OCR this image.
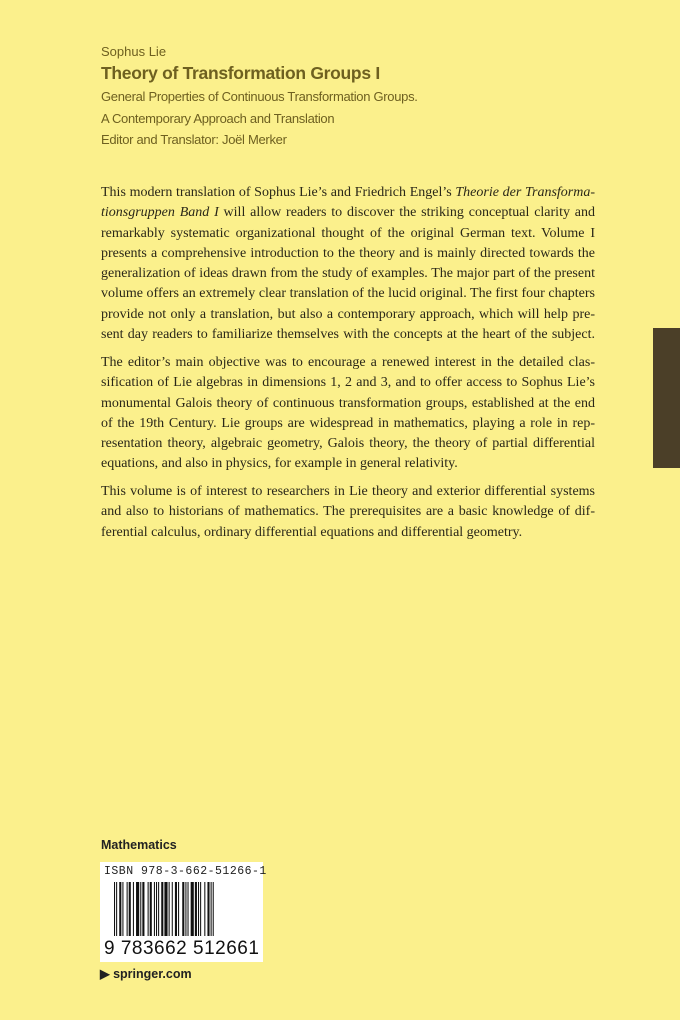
Sophus Lie
Theory of Transformation Groups I
General Properties of Continuous Transformation Groups.
A Contemporary Approach and Translation
Editor and Translator: Joël Merker
This modern translation of Sophus Lie’s and Friedrich Engel’s Theorie der Transforma-
tionsgruppen Band I will allow readers to discover the striking conceptual clarity and
remarkably systematic organizational thought of the original German text. Volume I
presents a comprehensive introduction to the theory and is mainly directed towards the
generalization of ideas drawn from the study of examples. The major part of the present
volume offers an extremely clear translation of the lucid original. The first four chapters
provide not only a translation, but also a contemporary approach, which will help pre-
sent day readers to familiarize themselves with the concepts at the heart of the subject.
The editor’s main objective was to encourage a renewed interest in the detailed clas-
sification of Lie algebras in dimensions 1, 2 and 3, and to offer access to Sophus Lie’s
monumental Galois theory of continuous transformation groups, established at the end
of the 19th Century. Lie groups are widespread in mathematics, playing a role in rep-
resentation theory, algebraic geometry, Galois theory, the theory of partial differential
equations, and also in physics, for example in general relativity.
This volume is of interest to researchers in Lie theory and exterior differential systems
and also to historians of mathematics. The prerequisites are a basic knowledge of dif-
ferential calculus, ordinary differential equations and differential geometry.
Mathematics
ISBN 978-3-662-51266-1
9 783662 512661
▶ springer.com
